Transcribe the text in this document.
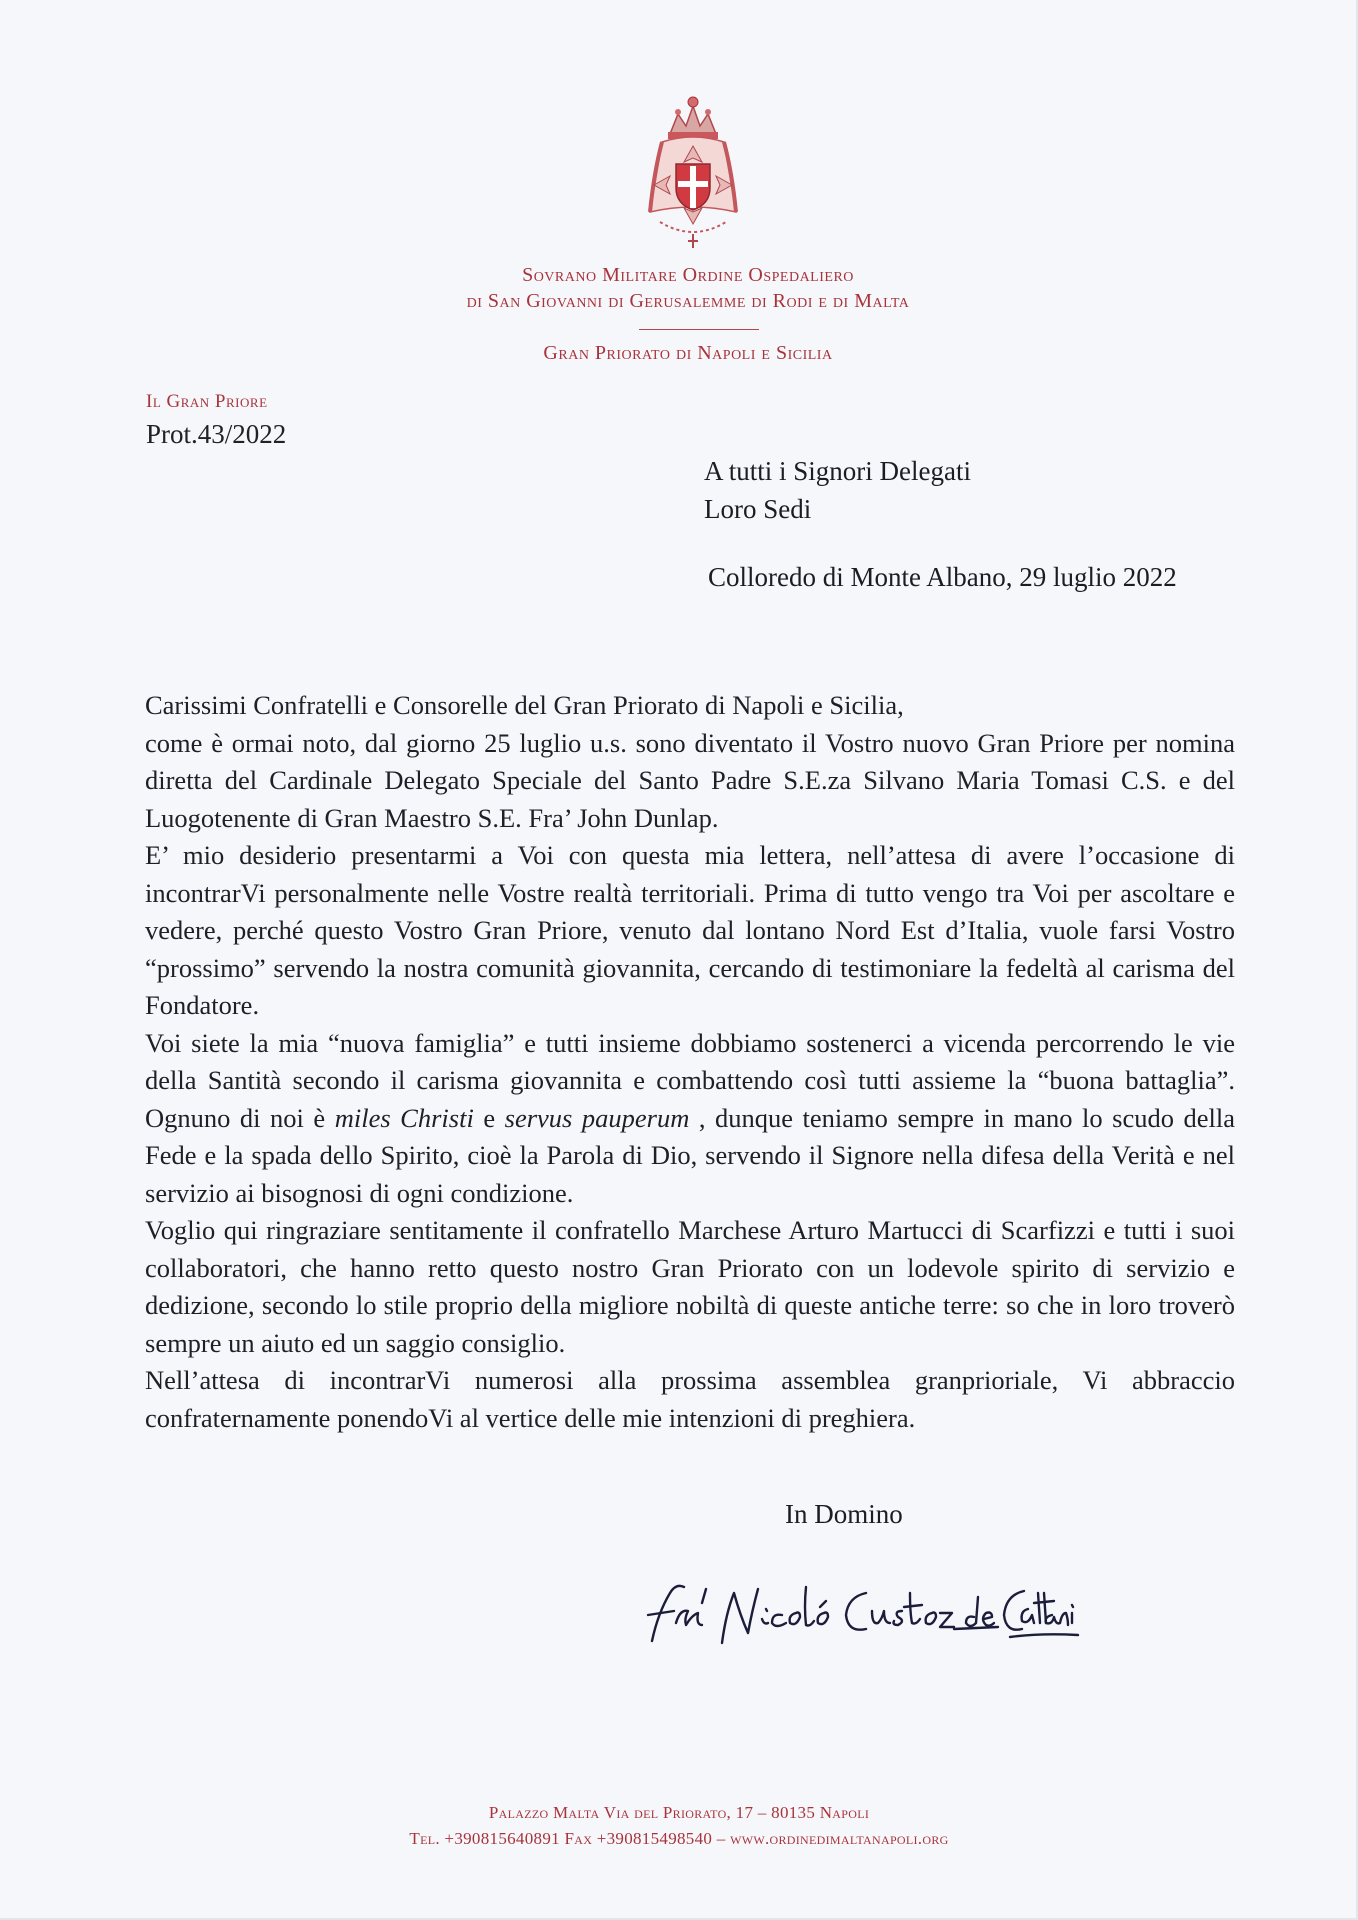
Sovrano Militare Ordine Ospedaliero
di San Giovanni di Gerusalemme di Rodi e di Malta
Gran Priorato di Napoli e Sicilia
Il Gran Priore
Prot.43/2022
A tutti i Signori Delegati
Loro Sedi
Colloredo di Monte Albano, 29 luglio 2022

Carissimi Confratelli e Consorelle del Gran Priorato di Napoli e Sicilia,

come è ormai noto, dal giorno 25 luglio u.s. sono diventato il Vostro nuovo Gran Priore per nomina diretta del Cardinale Delegato Speciale del Santo Padre S.E.za Silvano Maria Tomasi C.S. e del Luogotenente di Gran Maestro S.E. Fra’ John Dunlap.

E’ mio desiderio presentarmi a Voi con questa mia lettera, nell’attesa di avere l’occasione di incontrarVi personalmente nelle Vostre realtà territoriali. Prima di tutto vengo tra Voi per ascoltare e vedere, perché questo Vostro Gran Priore, venuto dal lontano Nord Est d’Italia, vuole farsi Vostro “prossimo” servendo la nostra comunità giovannita, cercando di testimoniare la fedeltà al carisma del Fondatore.

Voi siete la mia “nuova famiglia” e tutti insieme dobbiamo sostenerci a vicenda percorrendo le vie della Santità secondo il carisma giovannita e combattendo così tutti assieme la “buona battaglia”. Ognuno di noi è miles Christi e servus pauperum , dunque teniamo sempre in mano lo scudo della Fede e la spada dello Spirito, cioè la Parola di Dio, servendo il Signore nella difesa della Verità e nel servizio ai bisognosi di ogni condizione.

Voglio qui ringraziare sentitamente il confratello Marchese Arturo Martucci di Scarfizzi e tutti i suoi collaboratori, che hanno retto questo nostro Gran Priorato con un lodevole spirito di servizio e dedizione, secondo lo stile proprio della migliore nobiltà di queste antiche terre: so che in loro troverò sempre un aiuto ed un saggio consiglio.

Nell’attesa di incontrarVi numerosi alla prossima assemblea granprioriale, Vi abbraccio confraternamente ponendoVi al vertice delle mie intenzioni di preghiera.

In Domino
Palazzo Malta Via del Priorato, 17 – 80135 Napoli
Tel. +390815640891 Fax +390815498540 – www.ordinedimaltanapoli.org
